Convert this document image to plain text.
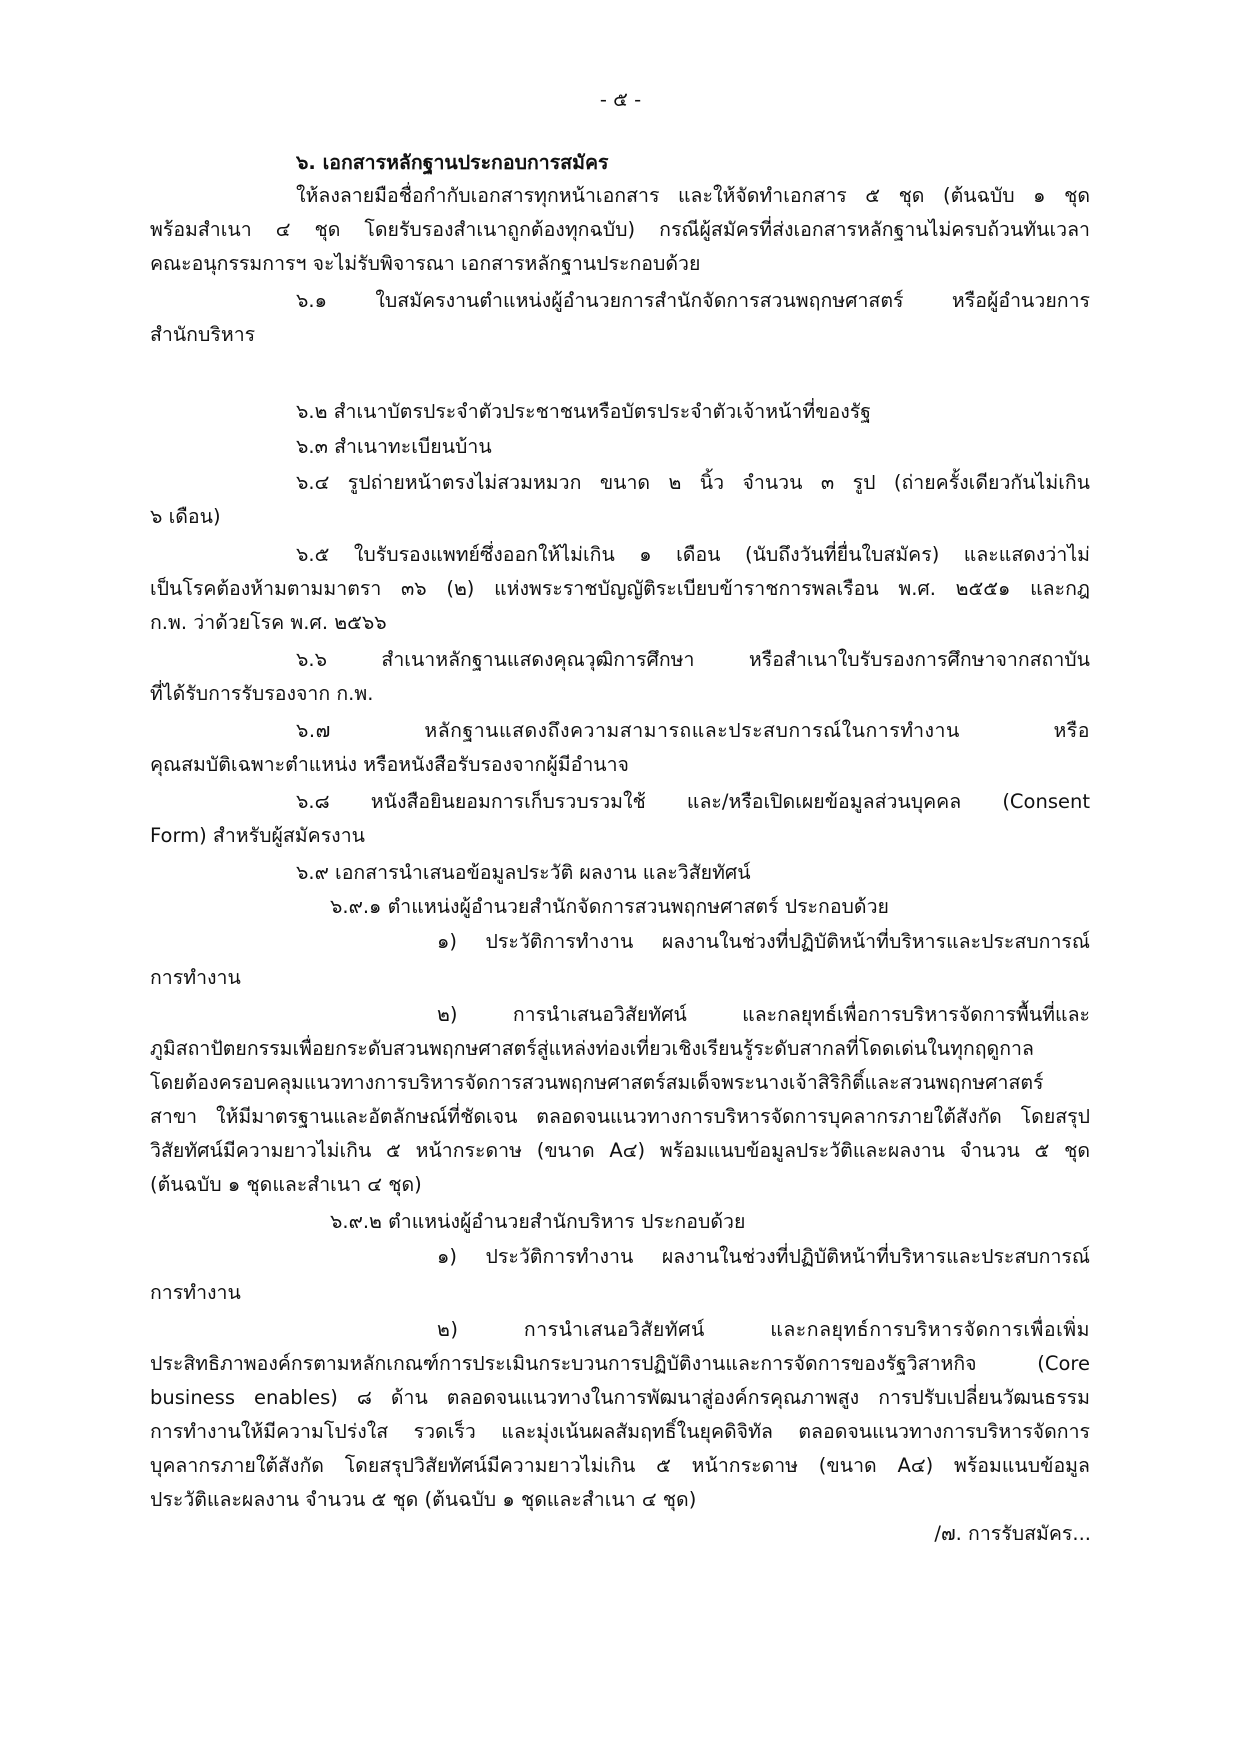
- ๕ -
๖. เอกสารหลักฐานประกอบการสมัคร
ให้ลงลายมือชื่อกำกับเอกสารทุกหน้าเอกสาร และให้จัดทำเอกสาร ๕ ชุด (ต้นฉบับ ๑ ชุด
พร้อมสำเนา ๔ ชุด โดยรับรองสำเนาถูกต้องทุกฉบับ) กรณีผู้สมัครที่ส่งเอกสารหลักฐานไม่ครบถ้วนทันเวลา
คณะอนุกรรมการฯ จะไม่รับพิจารณา เอกสารหลักฐานประกอบด้วย
๖.๑ ใบสมัครงานตำแหน่งผู้อำนวยการสำนักจัดการสวนพฤกษศาสตร์ หรือผู้อำนวยการ
สำนักบริหาร
๖.๒ สำเนาบัตรประจำตัวประชาชนหรือบัตรประจำตัวเจ้าหน้าที่ของรัฐ
๖.๓ สำเนาทะเบียนบ้าน
๖.๔ รูปถ่ายหน้าตรงไม่สวมหมวก ขนาด ๒ นิ้ว จำนวน ๓ รูป (ถ่ายครั้งเดียวกันไม่เกิน
๖ เดือน)
๖.๕ ใบรับรองแพทย์ซึ่งออกให้ไม่เกิน ๑ เดือน (นับถึงวันที่ยื่นใบสมัคร) และแสดงว่าไม่
เป็นโรคต้องห้ามตามมาตรา ๓๖ (๒) แห่งพระราชบัญญัติระเบียบข้าราชการพลเรือน พ.ศ. ๒๕๕๑ และกฎ
ก.พ. ว่าด้วยโรค พ.ศ. ๒๕๖๖
๖.๖ สำเนาหลักฐานแสดงคุณวุฒิการศึกษา หรือสำเนาใบรับรองการศึกษาจากสถาบัน
ที่ได้รับการรับรองจาก ก.พ.
๖.๗ หลักฐานแสดงถึงความสามารถและประสบการณ์ในการทำงาน หรือ
คุณสมบัติเฉพาะตำแหน่ง หรือหนังสือรับรองจากผู้มีอำนาจ
๖.๘ หนังสือยินยอมการเก็บรวบรวมใช้ และ/หรือเปิดเผยข้อมูลส่วนบุคคล (Consent
Form) สำหรับผู้สมัครงาน
๖.๙ เอกสารนำเสนอข้อมูลประวัติ ผลงาน และวิสัยทัศน์
๖.๙.๑ ตำแหน่งผู้อำนวยสำนักจัดการสวนพฤกษศาสตร์ ประกอบด้วย
๑) ประวัติการทำงาน ผลงานในช่วงที่ปฏิบัติหน้าที่บริหารและประสบการณ์
การทำงาน
๒) การนำเสนอวิสัยทัศน์ และกลยุทธ์เพื่อการบริหารจัดการพื้นที่และ
ภูมิสถาปัตยกรรมเพื่อยกระดับสวนพฤกษศาสตร์สู่แหล่งท่องเที่ยวเชิงเรียนรู้ระดับสากลที่โดดเด่นในทุกฤดูกาล
โดยต้องครอบคลุมแนวทางการบริหารจัดการสวนพฤกษศาสตร์สมเด็จพระนางเจ้าสิริกิติ์และสวนพฤกษศาสตร์
สาขา ให้มีมาตรฐานและอัตลักษณ์ที่ชัดเจน ตลอดจนแนวทางการบริหารจัดการบุคลากรภายใต้สังกัด โดยสรุป
วิสัยทัศน์มีความยาวไม่เกิน ๕ หน้ากระดาษ (ขนาด A๔) พร้อมแนบข้อมูลประวัติและผลงาน จำนวน ๕ ชุด
(ต้นฉบับ ๑ ชุดและสำเนา ๔ ชุด)
๖.๙.๒ ตำแหน่งผู้อำนวยสำนักบริหาร ประกอบด้วย
๑) ประวัติการทำงาน ผลงานในช่วงที่ปฏิบัติหน้าที่บริหารและประสบการณ์
การทำงาน
๒) การนำเสนอวิสัยทัศน์ และกลยุทธ์การบริหารจัดการเพื่อเพิ่ม
ประสิทธิภาพองค์กรตามหลักเกณฑ์การประเมินกระบวนการปฏิบัติงานและการจัดการของรัฐวิสาหกิจ (Core
business enables) ๘ ด้าน ตลอดจนแนวทางในการพัฒนาสู่องค์กรคุณภาพสูง การปรับเปลี่ยนวัฒนธรรม
การทำงานให้มีความโปร่งใส รวดเร็ว และมุ่งเน้นผลสัมฤทธิ์ในยุคดิจิทัล ตลอดจนแนวทางการบริหารจัดการ
บุคลากรภายใต้สังกัด โดยสรุปวิสัยทัศน์มีความยาวไม่เกิน ๕ หน้ากระดาษ (ขนาด A๔) พร้อมแนบข้อมูล
ประวัติและผลงาน จำนวน ๕ ชุด (ต้นฉบับ ๑ ชุดและสำเนา ๔ ชุด)
/๗. การรับสมัคร...
